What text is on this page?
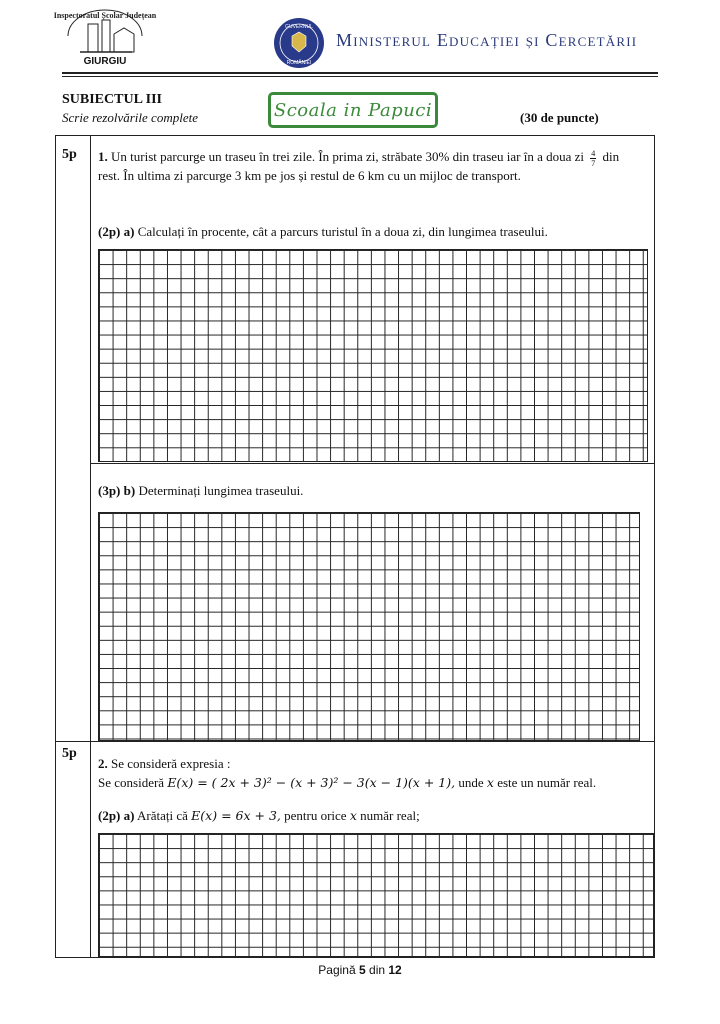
Inspectoratul Școlar Județean
GIURGIU
GUVERNUL
ROMÂNIEI
Ministerul Educației și Cercetării
SUBIECTUL III
Scrie rezolvările complete	Scoala in Papuci	(30 de puncte)
5p 1. Un turist parcurge un traseu în trei zile. În prima zi, străbate 30% din traseu iar în a doua zi $\frac{4}{7}$ din
rest. În ultima zi parcurge 3 km pe jos și restul de 6 km cu un mijloc de transport.
(2p) a) Calculați în procente, cât a parcurs turistul în a doua zi, din lungimea traseului.
(3p) b) Determinați lungimea traseului.
5p
2. Se consideră expresia :
Se consideră E(x) = ( 2x + 3)² − (x + 3)² − 3(x − 1)(x + 1), unde x este un număr real.
(2p) a) Arătați că E(x) = 6x + 3, pentru orice x număr real;
Pagină 5 din 12
